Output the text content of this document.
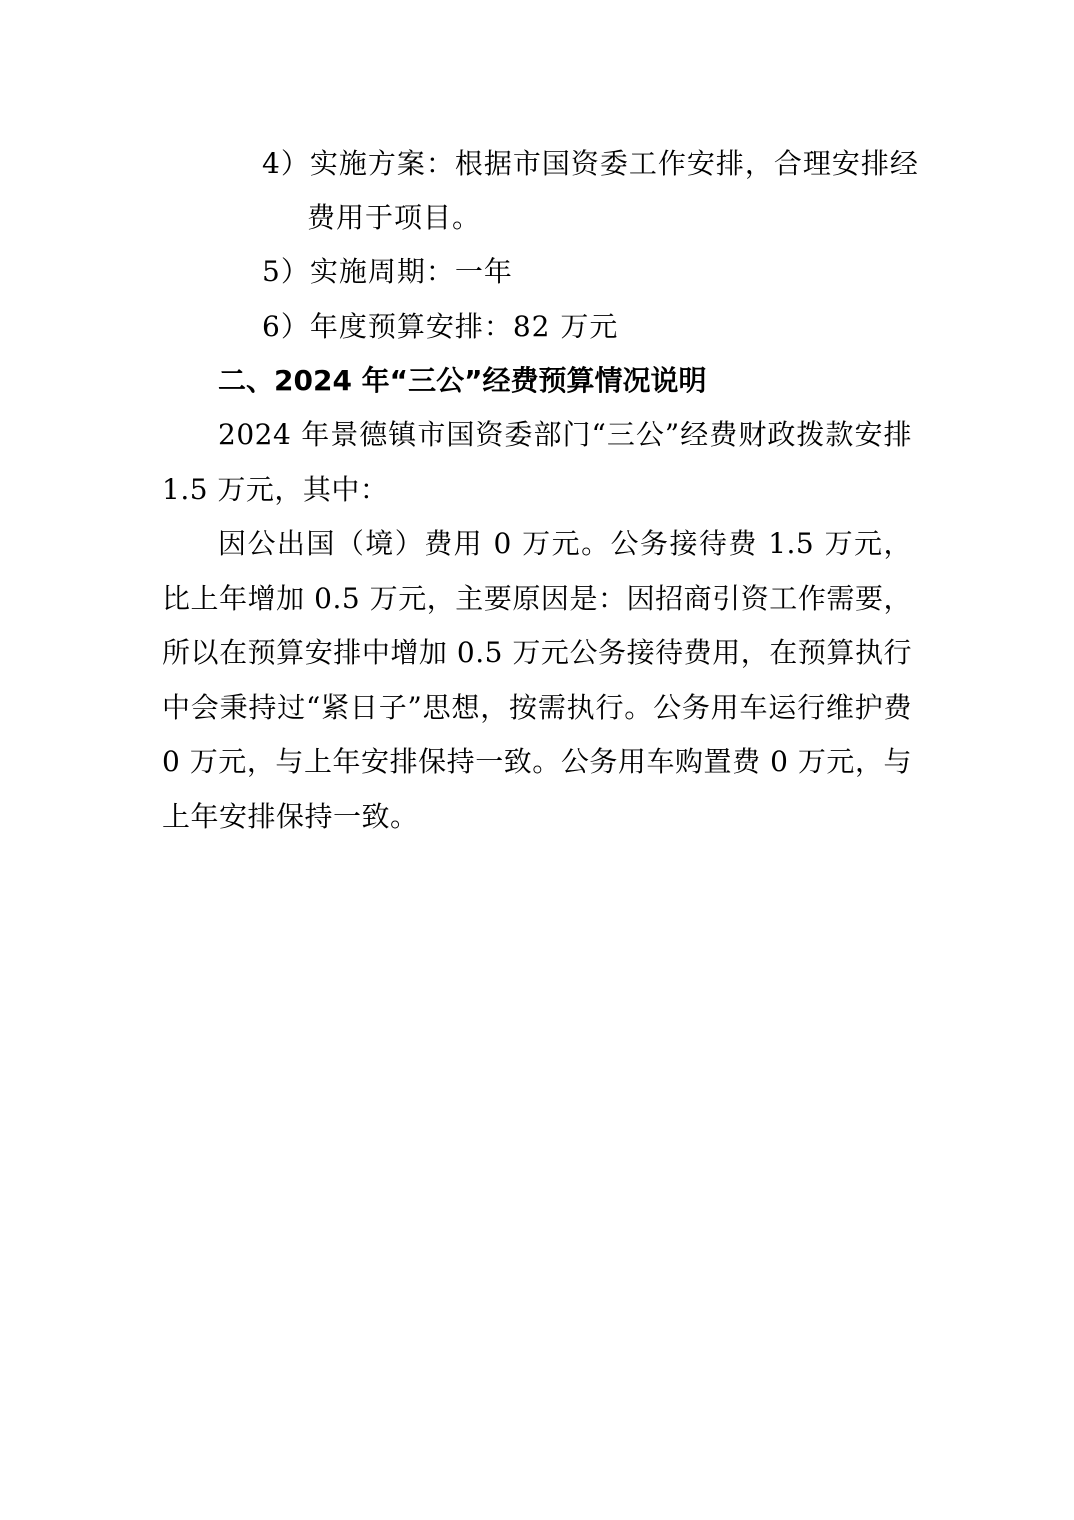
4）实施方案：根据市国资委工作安排，合理安排经
费用于项目。
5）实施周期：一年
6）年度预算安排：82 万元
二、2024 年“三公”经费预算情况说明
2024 年景德镇市国资委部门“三公”经费财政拨款安排 1.5 万元，其中：
因公出国（境）费用 0 万元。公务接待费 1.5 万元，比上年增加 0.5 万元，主要原因是：因招商引资工作需要，所以在预算安排中增加 0.5 万元公务接待费用，在预算执行中会秉持过“紧日子”思想，按需执行。公务用车运行维护费 0 万元，与上年安排保持一致。公务用车购置费 0 万元，与上年安排保持一致。
